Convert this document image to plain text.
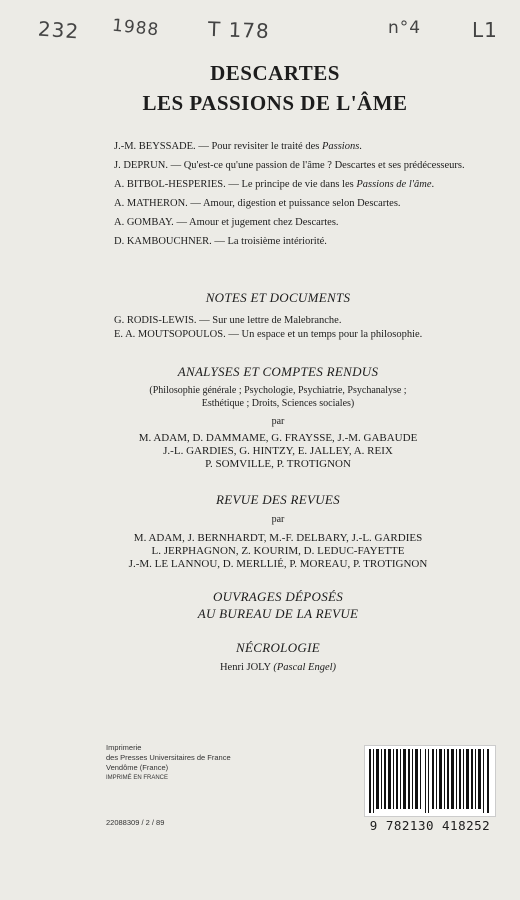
232 1988 T 178	n°4	L1
DESCARTES
LES PASSIONS DE L'ÂME
J.-M. BEYSSADE. — Pour revisiter le traité des Passions.
J. DEPRUN. — Qu'est-ce qu'une passion de l'âme ? Descartes et ses prédécesseurs.
A. BITBOL-HESPERIES. — Le principe de vie dans les Passions de l'âme.
A. MATHERON. — Amour, digestion et puissance selon Descartes.
A. GOMBAY. — Amour et jugement chez Descartes.
D. KAMBOUCHNER. — La troisième intériorité.
NOTES ET DOCUMENTS
G. RODIS-LEWIS. — Sur une lettre de Malebranche.
E. A. MOUTSOPOULOS. — Un espace et un temps pour la philosophie.
ANALYSES ET COMPTES RENDUS
(Philosophie générale ; Psychologie, Psychiatrie, Psychanalyse ;
Esthétique ; Droits, Sciences sociales)
par
M. ADAM, D. DAMMAME, G. FRAYSSE, J.-M. GABAUDE
J.-L. GARDIES, G. HINTZY, E. JALLEY, A. REIX
P. SOMVILLE, P. TROTIGNON
REVUE DES REVUES
par
M. ADAM, J. BERNHARDT, M.-F. DELBARY, J.-L. GARDIES
L. JERPHAGNON, Z. KOURIM, D. LEDUC-FAYETTE
J.-M. LE LANNOU, D. MERLLIÉ, P. MOREAU, P. TROTIGNON
OUVRAGES DÉPOSÉS
AU BUREAU DE LA REVUE
NÉCROLOGIE
Henri JOLY (Pascal Engel)
Imprimerie
des Presses Universitaires de France
Vendôme (France)
IMPRIMÉ EN FRANCE
22088309 / 2 / 89	9 782130 418252
